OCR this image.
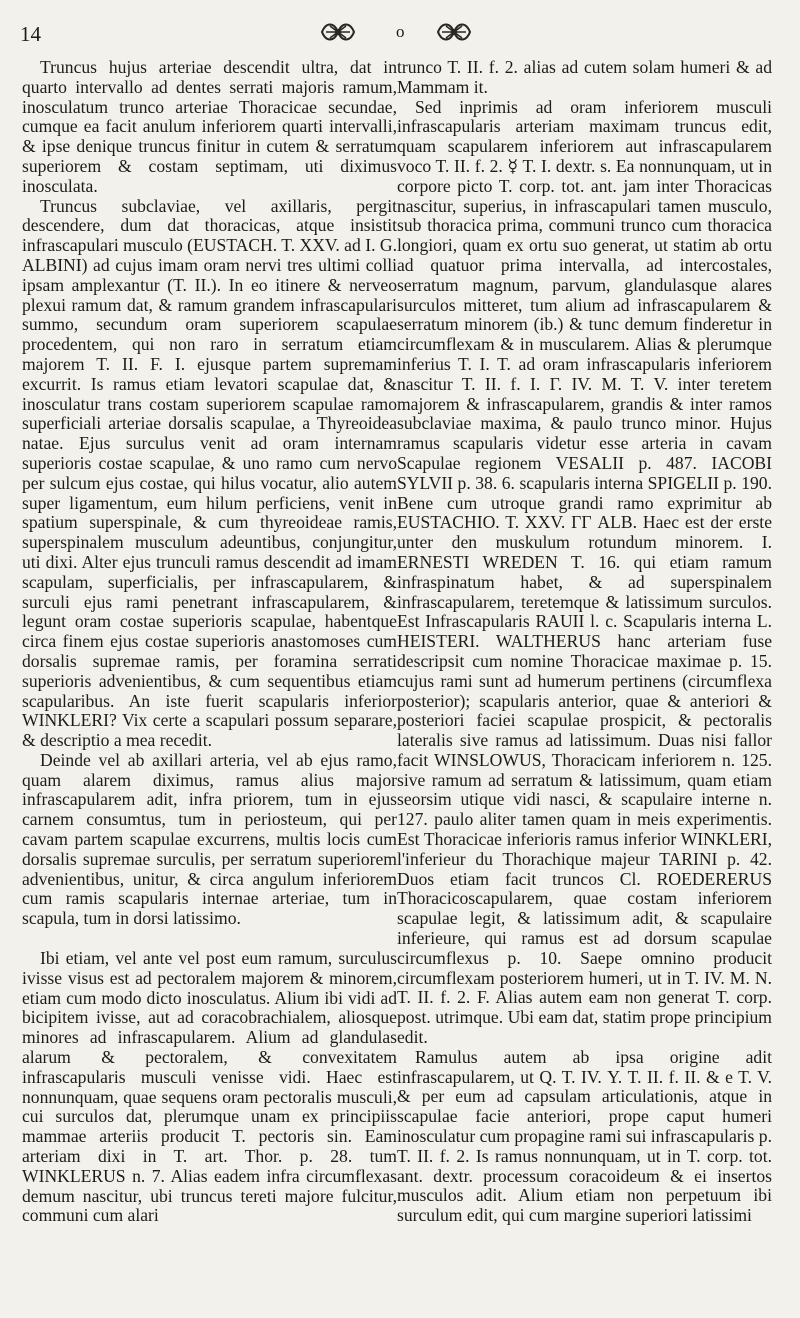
14	o

Truncus hujus arteriae descendit ultra, dat in quarto intervallo ad dentes serrati majoris ramum, inosculatum trunco arteriae Thoracicae secundae, cumque ea facit anulum inferiorem quarti intervalli, & ipse denique truncus finitur in cutem & serratum superiorem & costam septimam, uti diximus inosculata.

Truncus subclaviae, vel axillaris, pergit descendere, dum dat thoracicas, atque insistit infrascapulari musculo (EUSTACH. T. XXV. ad I. G. ALBINI) ad cujus imam oram nervi tres ultimi colli ipsam amplexantur (T. II.). In eo itinere & nerveo plexui ramum dat, & ramum grandem infrascapulari summo, secundum oram superiorem scapulae procedentem, qui non raro in serratum etiam majorem T. II. F. I. ejusque partem supremam excurrit. Is ramus etiam levatori scapulae dat, & inosculatur trans costam superiorem scapulae ramo superficiali arteriae dorsalis scapulae, a Thyreoidea natae. Ejus surculus venit ad oram internam superioris costae scapulae, & uno ramo cum nervo per sulcum ejus costae, qui hilus vocatur, alio autem super ligamentum, eum hilum perficiens, venit in spatium superspinale, & cum thyreoideae ramis, superspinalem musculum adeuntibus, conjungitur, uti dixi. Alter ejus trunculi ramus descendit ad imam scapulam, superficialis, per infrascapularem, & surculi ejus rami penetrant infrascapularem, & legunt oram costae superioris scapulae, habentque circa finem ejus costae superioris anastomoses cum dorsalis supremae ramis, per foramina serrati superioris advenientibus, & cum sequentibus etiam scapularibus. An iste fuerit scapularis inferior WINKLERI? Vix certe a scapulari possum separare, & descriptio a mea recedit.

Deinde vel ab axillari arteria, vel ab ejus ramo, quam alarem diximus, ramus alius major infrascapularem adit, infra priorem, tum in ejus carnem consumtus, tum in periosteum, qui per cavam partem scapulae excurrens, multis locis cum dorsalis supremae surculis, per serratum superiorem advenientibus, unitur, & circa angulum inferiorem cum ramis scapularis internae arteriae, tum in scapula, tum in dorsi latissimo.

Ibi etiam, vel ante vel post eum ramum, surculus ivisse visus est ad pectoralem majorem & minorem, etiam cum modo dicto inosculatus. Alium ibi vidi ad bicipitem ivisse, aut ad coracobrachialem, aliosque minores ad infrascapularem. Alium ad glandulas alarum & pectoralem, & convexitatem infrascapularis musculi venisse vidi. Haec est nonnunquam, quae sequens oram pectoralis musculi, cui surculos dat, plerumque unam ex principiis mammae arteriis producit T. pectoris sin. Eam arteriam dixi in T. art. Thor. p. 28. tum WINKLERUS n. 7. Alias eadem infra circumflexas demum nascitur, ubi truncus tereti majore fulcitur, communi cum alari

trunco T. II. f. 2. alias ad cutem solam humeri & ad Mammam it.

Sed inprimis ad oram inferiorem musculi infrascapularis arteriam maximam truncus edit, quam scapularem inferiorem aut infrascapularem voco T. II. f. 2. ☿ T. I. dextr. s. Ea nonnunquam, ut in corpore picto T. corp. tot. ant. jam inter Thoracicas nascitur, superius, in infrascapulari tamen musculo, sub thoracica prima, communi trunco cum thoracica longiori, quam ex ortu suo generat, ut statim ab ortu ad quatuor prima intervalla, ad intercostales, serratum magnum, parvum, glandulasque alares surculos mitteret, tum alium ad infrascapularem & serratum minorem (ib.) & tunc demum finderetur in circumflexam & in muscularem. Alias & plerumque inferius T. I. T. ad oram infrascapularis inferiorem nascitur T. II. f. I. Γ. IV. M. T. V. inter teretem majorem & infrascapularem, grandis & inter ramos subclaviae maxima, & paulo trunco minor. Hujus ramus scapularis videtur esse arteria in cavam Scapulae regionem VESALII p. 487. IACOBI SYLVII p. 38. 6. scapularis interna SPIGELII p. 190. Bene cum utroque grandi ramo exprimitur ab EUSTACHIO. T. XXV. ΓΓ ALB. Haec est der erste unter den muskulum rotundum minorem. I. ERNESTI WREDEN T. 16. qui etiam ramum infraspinatum habet, & ad superspinalem infrascapularem, teretemque & latissimum surculos. Est Infrascapularis RAUII l. c. Scapularis interna L. HEISTERI. WALTHERUS hanc arteriam fuse descripsit cum nomine Thoracicae maximae p. 15. cujus rami sunt ad humerum pertinens (circumflexa posterior); scapularis anterior, quae & anteriori & posteriori faciei scapulae prospicit, & pectoralis lateralis sive ramus ad latissimum. Duas nisi fallor facit WINSLOWUS, Thoracicam inferiorem n. 125. sive ramum ad serratum & latissimum, quam etiam seorsim utique vidi nasci, & scapulaire interne n. 127. paulo aliter tamen quam in meis experimentis. Est Thoracicae inferioris ramus inferior WINKLERI, l'inferieur du Thorachique majeur TARINI p. 42. Duos etiam facit truncos Cl. ROEDERERUS Thoracicoscapularem, quae costam inferiorem scapulae legit, & latissimum adit, & scapulaire inferieure, qui ramus est ad dorsum scapulae circumflexus p. 10. Saepe omnino producit circumflexam posteriorem humeri, ut in T. IV. M. N. T. II. f. 2. F. Alias autem eam non generat T. corp. post. utrimque. Ubi eam dat, statim prope principium edit.

Ramulus autem ab ipsa origine adit infrascapularem, ut Q. T. IV. Υ. T. II. f. II. & e T. V. & per eum ad capsulam articulationis, atque in scapulae facie anteriori, prope caput humeri inosculatur cum propagine rami sui infrascapularis p. T. II. f. 2. Is ramus nonnunquam, ut in T. corp. tot. ant. dextr. processum coracoideum & ei insertos musculos adit. Alium etiam non perpetuum ibi surculum edit, qui cum margine superiori latissimi
